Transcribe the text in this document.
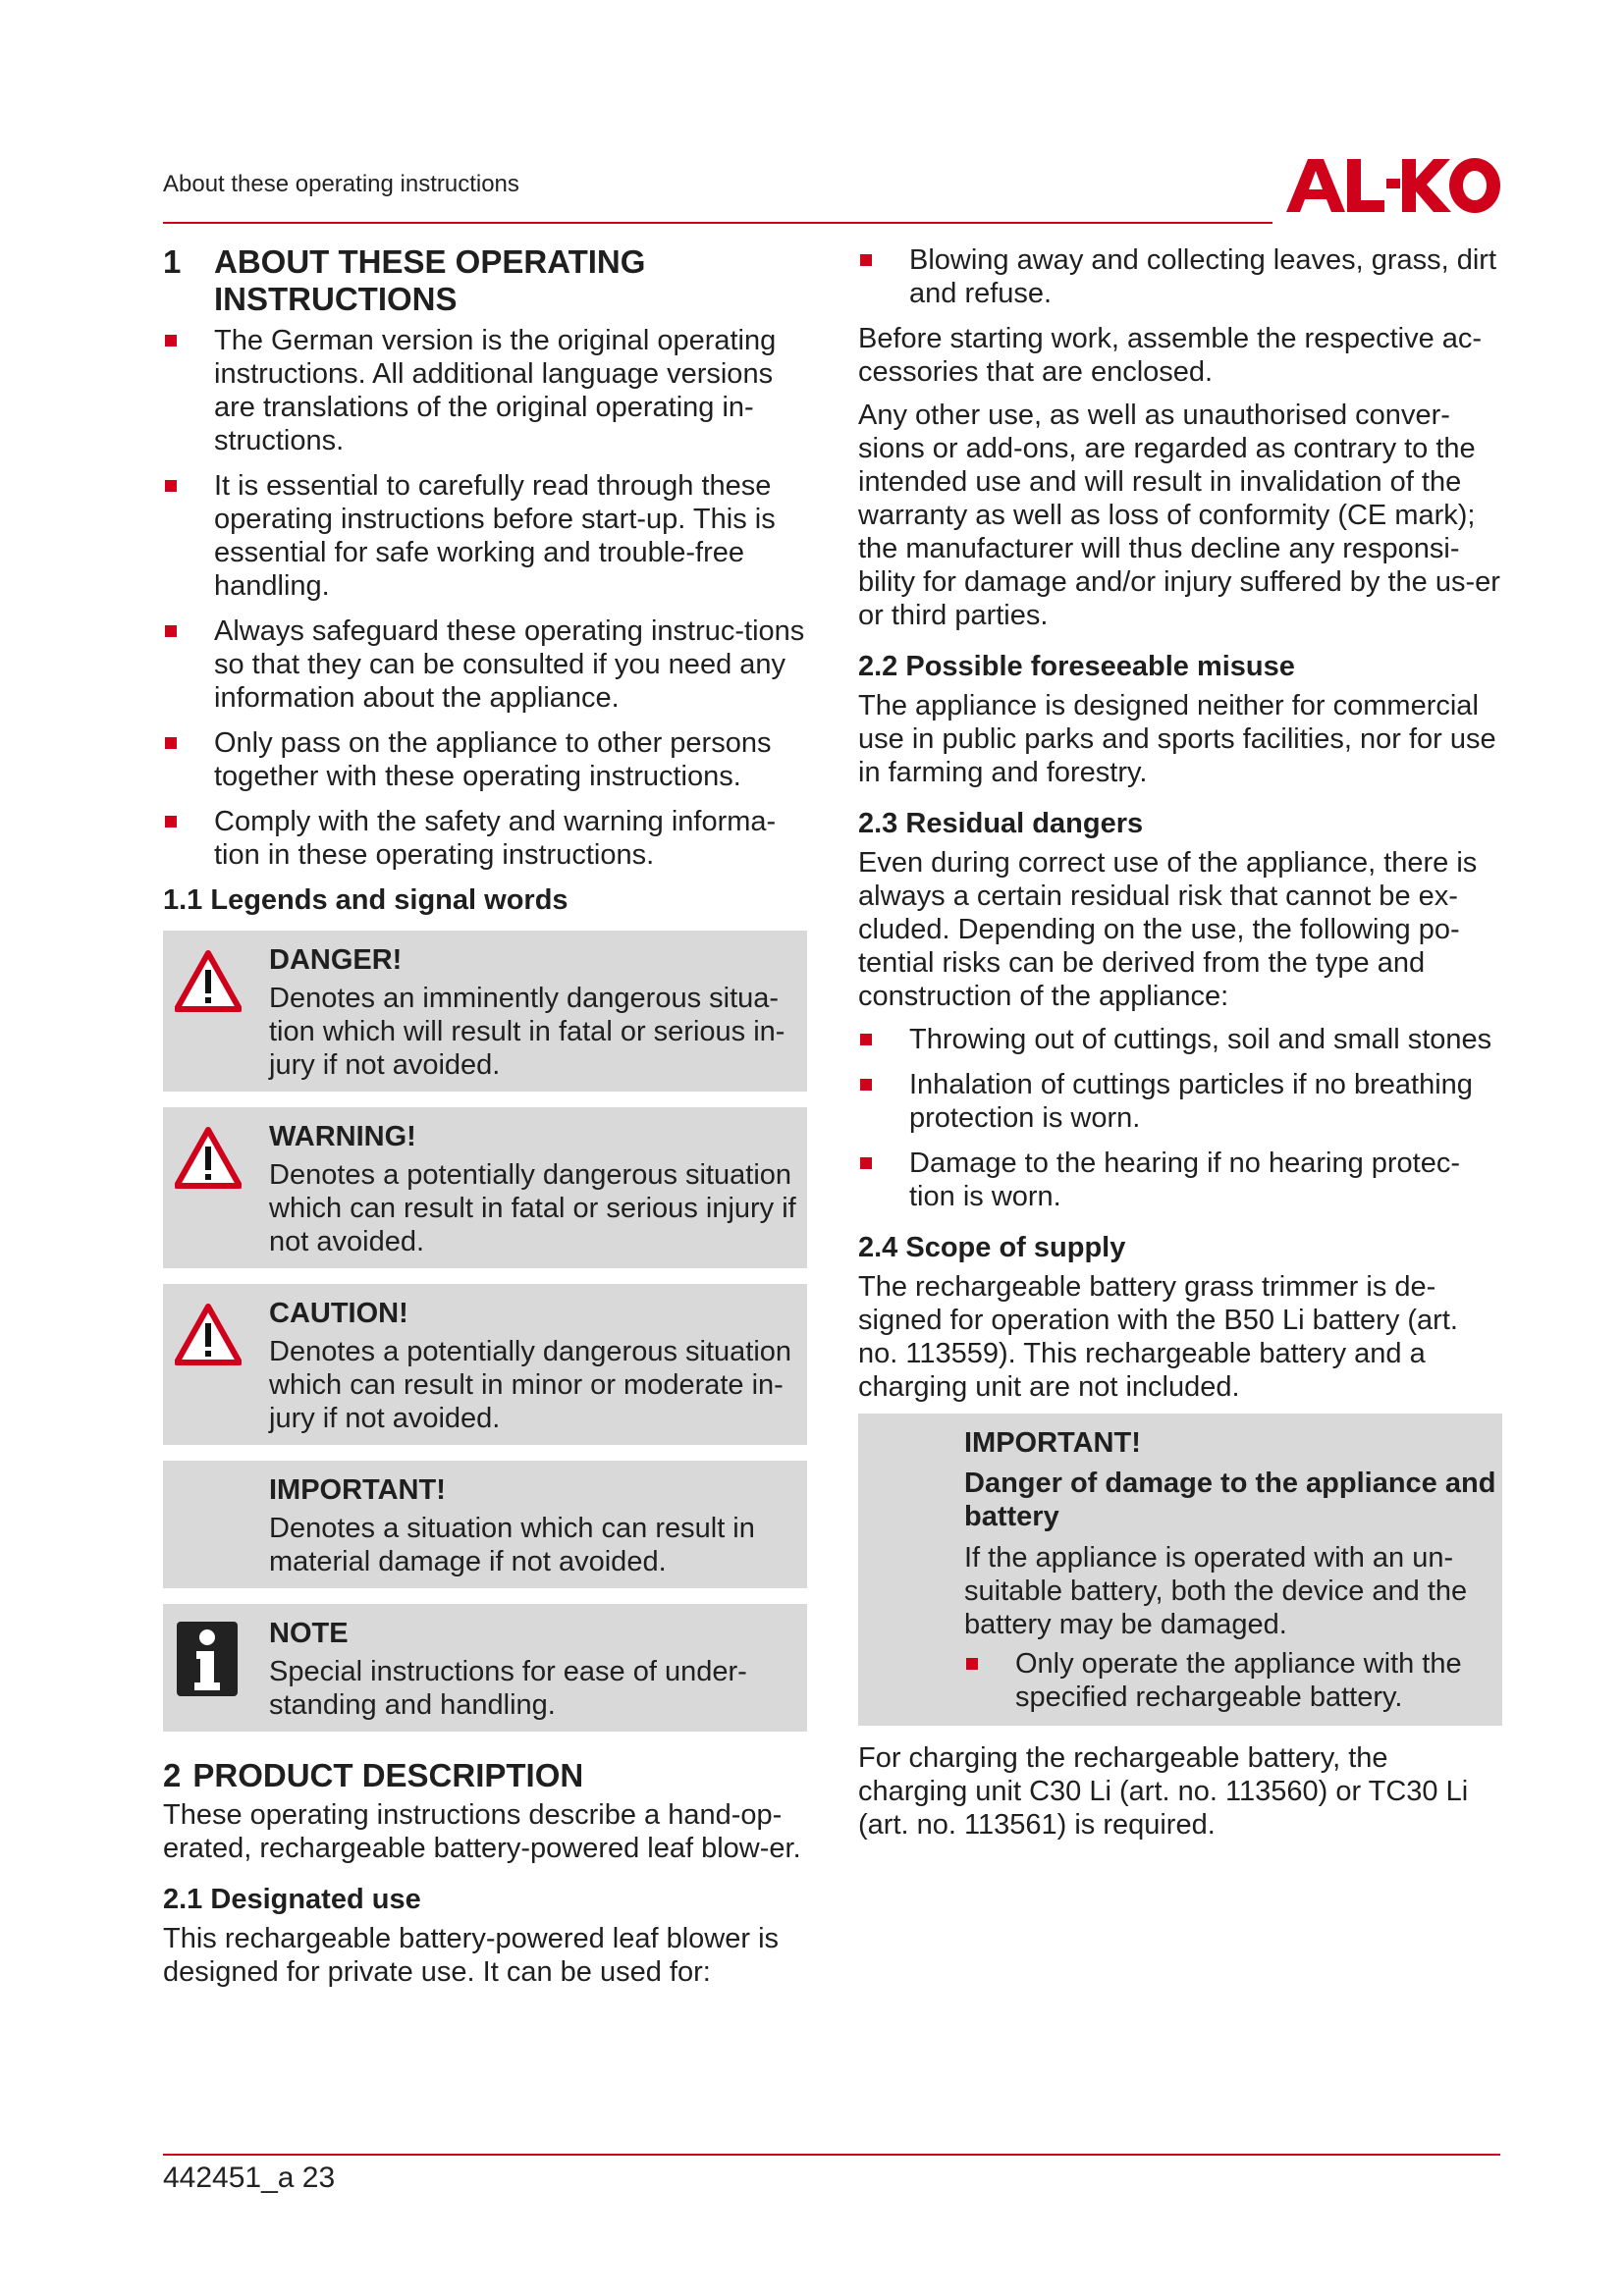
About these operating instructions
1	ABOUT THESE OPERATING
INSTRUCTIONS
The German version is the original operating instructions. All additional language versions are translations of the original operating in-structions.
It is essential to carefully read through these operating instructions before start-up. This is essential for safe working and trouble-free handling.
Always safeguard these operating instruc-tions so that they can be consulted if you need any information about the appliance.
Only pass on the appliance to other persons together with these operating instructions.
Comply with the safety and warning informa-tion in these operating instructions.
1.1 Legends and signal words
DANGER!
Denotes an imminently dangerous situa-tion which will result in fatal or serious in-jury if not avoided.
WARNING!
Denotes a potentially dangerous situation which can result in fatal or serious injury if not avoided.
CAUTION!
Denotes a potentially dangerous situation which can result in minor or moderate in-jury if not avoided.
IMPORTANT!
Denotes a situation which can result in material damage if not avoided.
NOTE
Special instructions for ease of under-standing and handling.
2 PRODUCT DESCRIPTION

These operating instructions describe a hand-op-erated, rechargeable battery-powered leaf blow-er.

2.1 Designated use

This rechargeable battery-powered leaf blower is designed for private use. It can be used for:

Blowing away and collecting leaves, grass, dirt and refuse.

Before starting work, assemble the respective ac-cessories that are enclosed.

Any other use, as well as unauthorised conver-sions or add-ons, are regarded as contrary to the intended use and will result in invalidation of the warranty as well as loss of conformity (CE mark); the manufacturer will thus decline any responsi-bility for damage and/or injury suffered by the us-er or third parties.

2.2 Possible foreseeable misuse

The appliance is designed neither for commercial use in public parks and sports facilities, nor for use in farming and forestry.

2.3 Residual dangers

Even during correct use of the appliance, there is always a certain residual risk that cannot be ex-cluded. Depending on the use, the following po-tential risks can be derived from the type and construction of the appliance:

Throwing out of cuttings, soil and small stones
Inhalation of cuttings particles if no breathing protection is worn.
Damage to the hearing if no hearing protec-tion is worn.
2.4 Scope of supply

The rechargeable battery grass trimmer is de-signed for operation with the B50 Li battery (art. no. 113559). This rechargeable battery and a charging unit are not included.

IMPORTANT!
Danger of damage to the appliance and battery
If the appliance is operated with an un-suitable battery, both the device and the battery may be damaged.
Only operate the appliance with the specified rechargeable battery.

For charging the rechargeable battery, the charging unit C30 Li (art. no. 113560) or TC30 Li (art. no. 113561) is required.

442451_a 23
